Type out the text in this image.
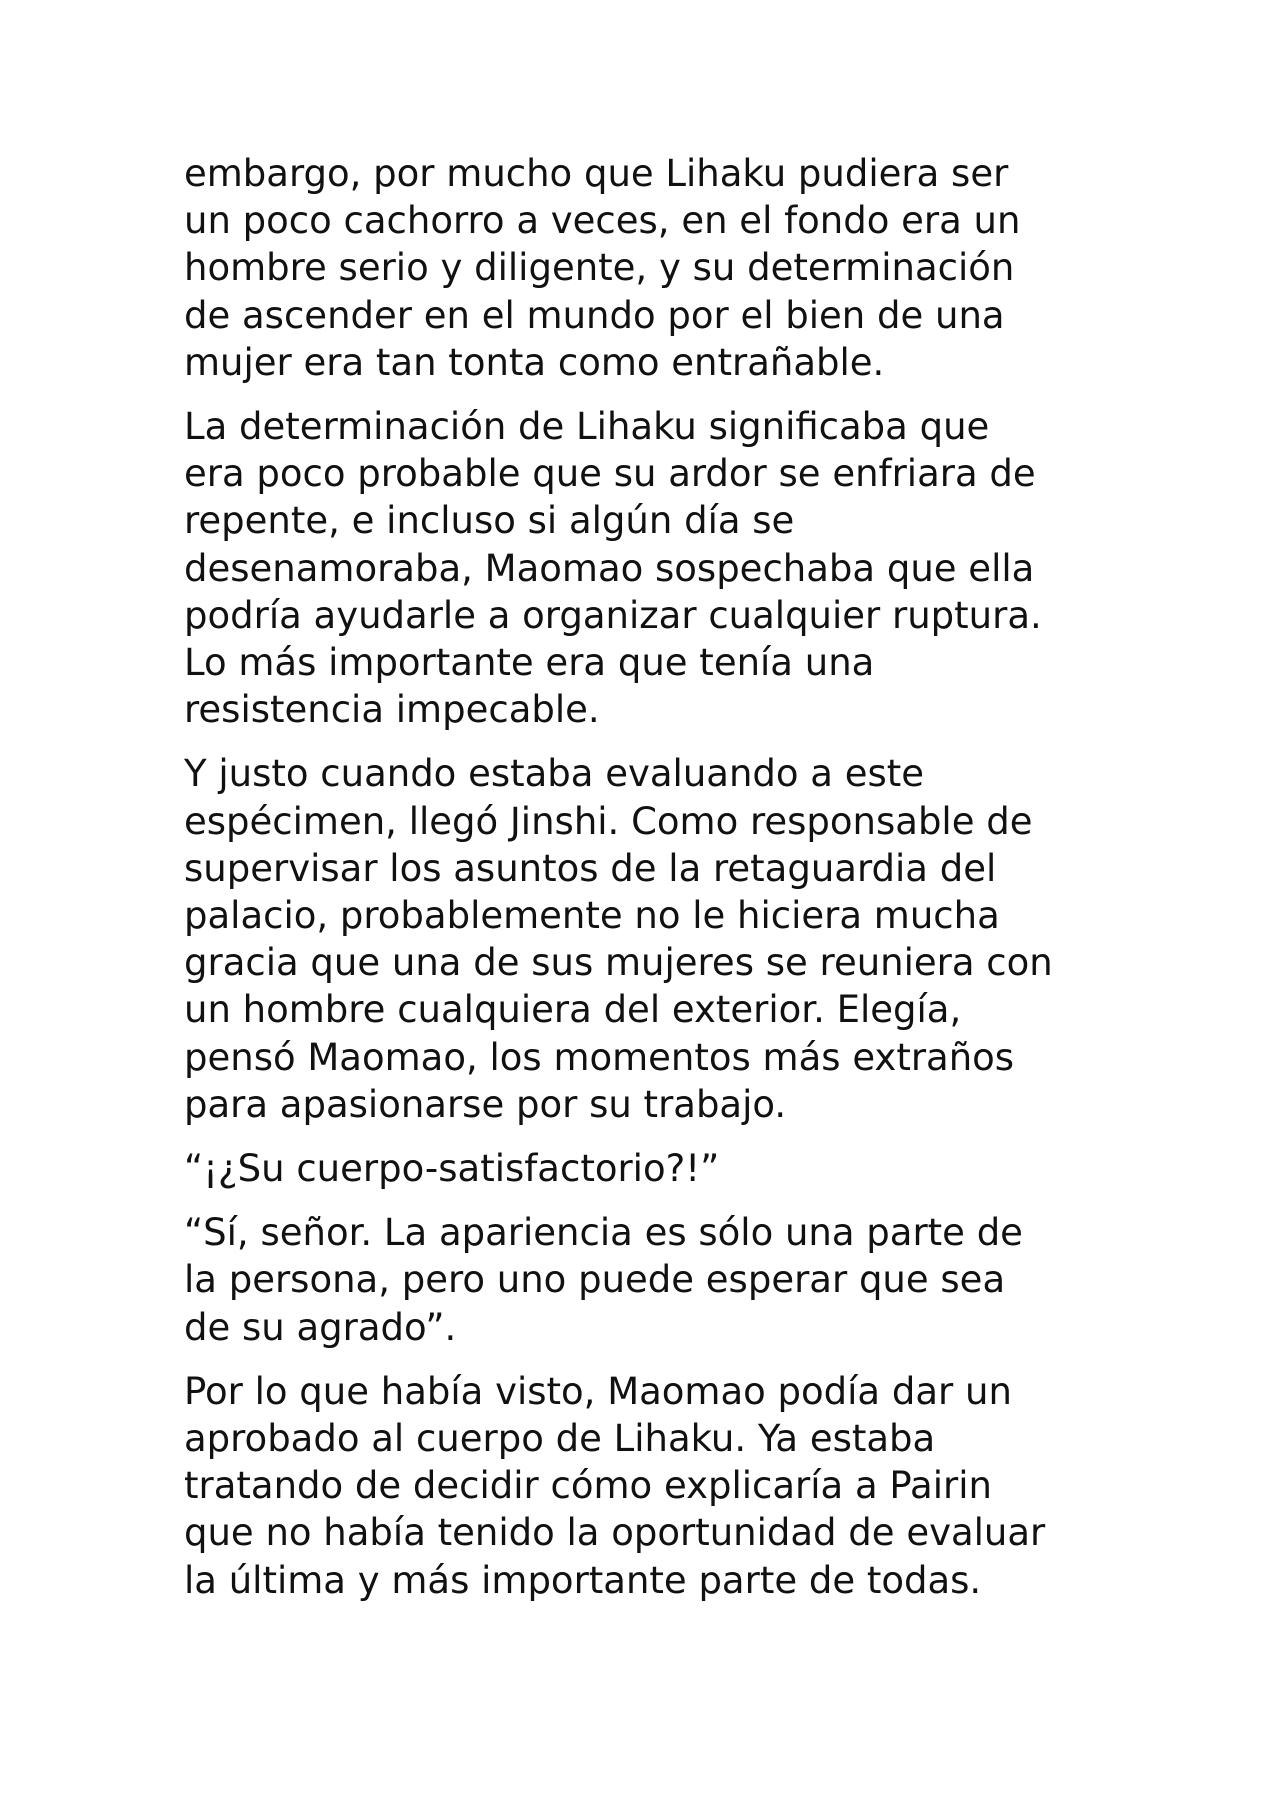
embargo, por mucho que Lihaku pudiera ser
un poco cachorro a veces, en el fondo era un
hombre serio y diligente, y su determinación
de ascender en el mundo por el bien de una
mujer era tan tonta como entrañable.

La determinación de Lihaku significaba que
era poco probable que su ardor se enfriara de
repente, e incluso si algún día se
desenamoraba, Maomao sospechaba que ella
podría ayudarle a organizar cualquier ruptura.
Lo más importante era que tenía una
resistencia impecable.

Y justo cuando estaba evaluando a este
espécimen, llegó Jinshi. Como responsable de
supervisar los asuntos de la retaguardia del
palacio, probablemente no le hiciera mucha
gracia que una de sus mujeres se reuniera con
un hombre cualquiera del exterior. Elegía,
pensó Maomao, los momentos más extraños
para apasionarse por su trabajo.

“¡¿Su cuerpo-satisfactorio?!”

“Sí, señor. La apariencia es sólo una parte de
la persona, pero uno puede esperar que sea
de su agrado”.

Por lo que había visto, Maomao podía dar un
aprobado al cuerpo de Lihaku. Ya estaba
tratando de decidir cómo explicaría a Pairin
que no había tenido la oportunidad de evaluar
la última y más importante parte de todas.
